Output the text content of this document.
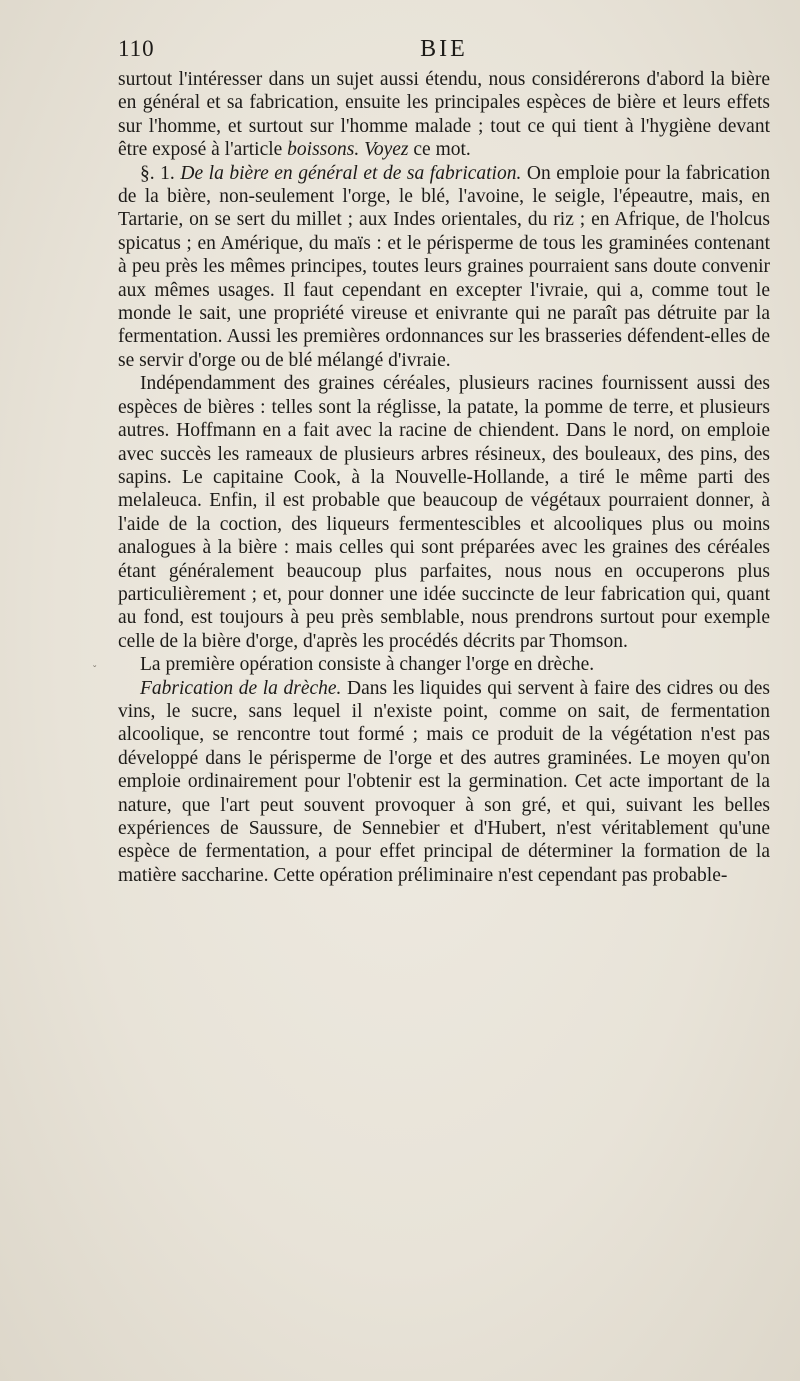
110	BIE

surtout l'intéresser dans un sujet aussi étendu, nous considérerons d'abord la bière en général et sa fabrication, ensuite les principales espèces de bière et leurs effets sur l'homme, et surtout sur l'homme malade ; tout ce qui tient à l'hygiène devant être exposé à l'article boissons. Voyez ce mot.

§. 1. De la bière en général et de sa fabrication. On emploie pour la fabrication de la bière, non-seulement l'orge, le blé, l'avoine, le seigle, l'épeautre, mais, en Tartarie, on se sert du millet ; aux Indes orientales, du riz ; en Afrique, de l'holcus spicatus ; en Amérique, du maïs : et le périsperme de tous les graminées contenant à peu près les mêmes principes, toutes leurs graines pourraient sans doute convenir aux mêmes usages. Il faut cependant en excepter l'ivraie, qui a, comme tout le monde le sait, une propriété vireuse et enivrante qui ne paraît pas détruite par la fermentation. Aussi les premières ordonnances sur les brasseries défendent-elles de se servir d'orge ou de blé mélangé d'ivraie.

Indépendamment des graines céréales, plusieurs racines fournissent aussi des espèces de bières : telles sont la réglisse, la patate, la pomme de terre, et plusieurs autres. Hoffmann en a fait avec la racine de chiendent. Dans le nord, on emploie avec succès les rameaux de plusieurs arbres résineux, des bouleaux, des pins, des sapins. Le capitaine Cook, à la Nouvelle-Hollande, a tiré le même parti des melaleuca. Enfin, il est probable que beaucoup de végétaux pourraient donner, à l'aide de la coction, des liqueurs fermentescibles et alcooliques plus ou moins analogues à la bière : mais celles qui sont préparées avec les graines des céréales étant généralement beaucoup plus parfaites, nous nous en occuperons plus particulièrement ; et, pour donner une idée succincte de leur fabrication qui, quant au fond, est toujours à peu près semblable, nous prendrons surtout pour exemple celle de la bière d'orge, d'après les procédés décrits par Thomson.

La première opération consiste à changer l'orge en drèche.

Fabrication de la drèche. Dans les liquides qui servent à faire des cidres ou des vins, le sucre, sans lequel il n'existe point, comme on sait, de fermentation alcoolique, se rencontre tout formé ; mais ce produit de la végétation n'est pas développé dans le périsperme de l'orge et des autres graminées. Le moyen qu'on emploie ordinairement pour l'obtenir est la germination. Cet acte important de la nature, que l'art peut souvent provoquer à son gré, et qui, suivant les belles expériences de Saussure, de Sennebier et d'Hubert, n'est véritablement qu'une espèce de fermentation, a pour effet principal de déterminer la formation de la matière saccharine. Cette opération préliminaire n'est cependant pas probable-

˯
